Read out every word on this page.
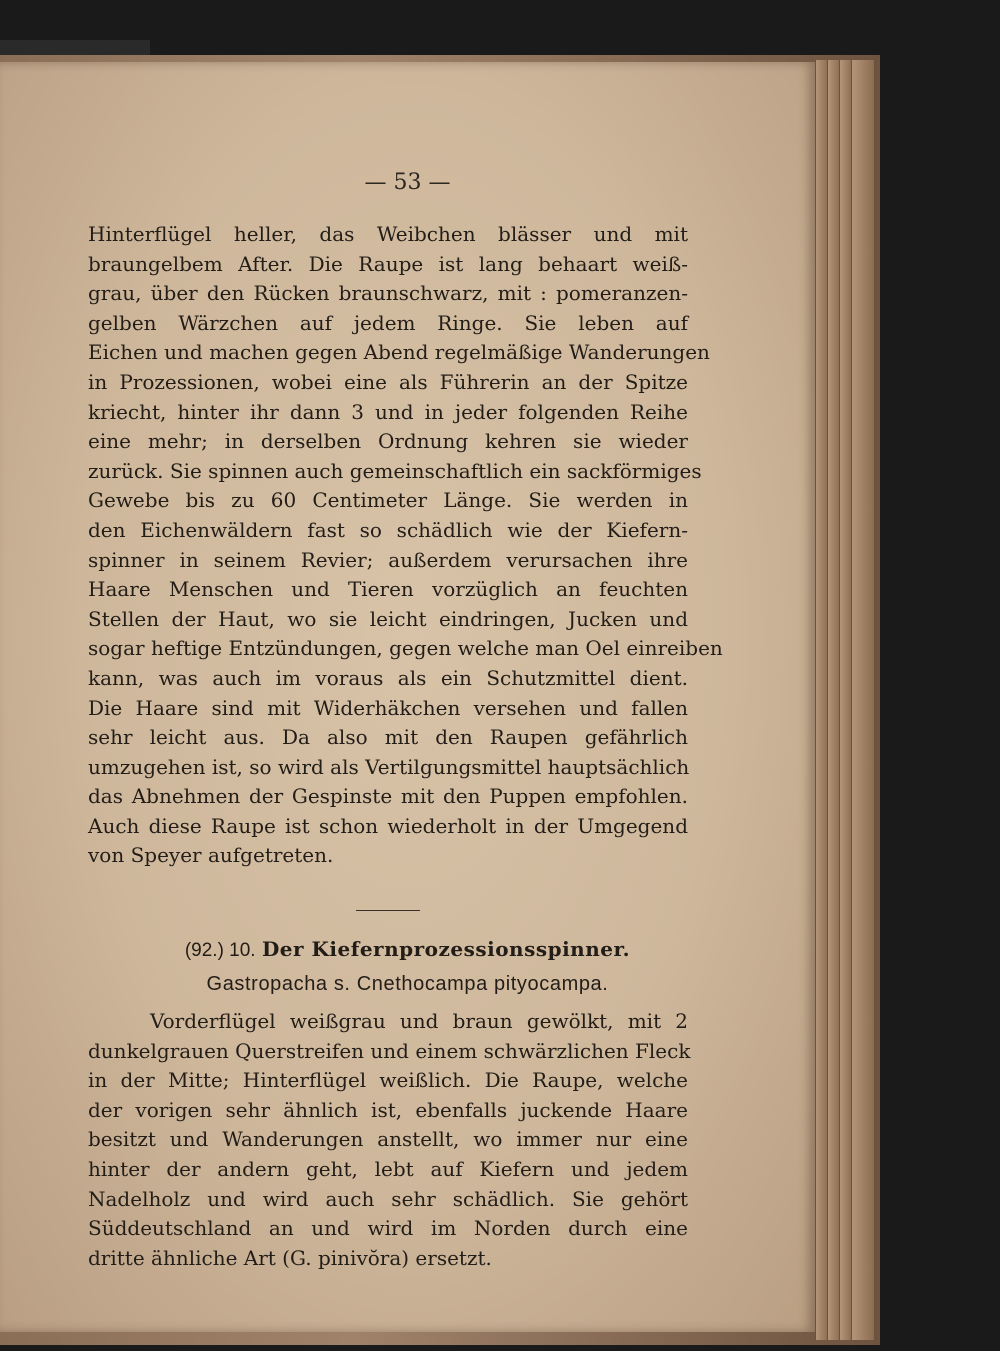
— 53 —
Hinterflügel heller, das Weibchen blässer und mit
braungelbem After. Die Raupe ist lang behaart weiß-
grau, über den Rücken braunschwarz, mit : pomeranzen-
gelben Wärzchen auf jedem Ringe. Sie leben auf
Eichen und machen gegen Abend regelmäßige Wanderungen
in Prozessionen, wobei eine als Führerin an der Spitze
kriecht, hinter ihr dann 3 und in jeder folgenden Reihe
eine mehr; in derselben Ordnung kehren sie wieder
zurück. Sie spinnen auch gemeinschaftlich ein sackförmiges
Gewebe bis zu 60 Centimeter Länge. Sie werden in
den Eichenwäldern fast so schädlich wie der Kiefern-
spinner in seinem Revier; außerdem verursachen ihre
Haare Menschen und Tieren vorzüglich an feuchten
Stellen der Haut, wo sie leicht eindringen, Jucken und
sogar heftige Entzündungen, gegen welche man Oel einreiben
kann, was auch im voraus als ein Schutzmittel dient.
Die Haare sind mit Widerhäkchen versehen und fallen
sehr leicht aus. Da also mit den Raupen gefährlich
umzugehen ist, so wird als Vertilgungsmittel hauptsächlich
das Abnehmen der Gespinste mit den Puppen empfohlen.
Auch diese Raupe ist schon wiederholt in der Umgegend
von Speyer aufgetreten.
(92.) 10. Der Kiefernprozessionsspinner.
Gastropacha s. Cnethocampa pityocampa.
Vorderflügel weißgrau und braun gewölkt, mit 2
dunkelgrauen Querstreifen und einem schwärzlichen Fleck
in der Mitte; Hinterflügel weißlich. Die Raupe, welche
der vorigen sehr ähnlich ist, ebenfalls juckende Haare
besitzt und Wanderungen anstellt, wo immer nur eine
hinter der andern geht, lebt auf Kiefern und jedem
Nadelholz und wird auch sehr schädlich. Sie gehört
Süddeutschland an und wird im Norden durch eine
dritte ähnliche Art (G. pinivŏra) ersetzt.
